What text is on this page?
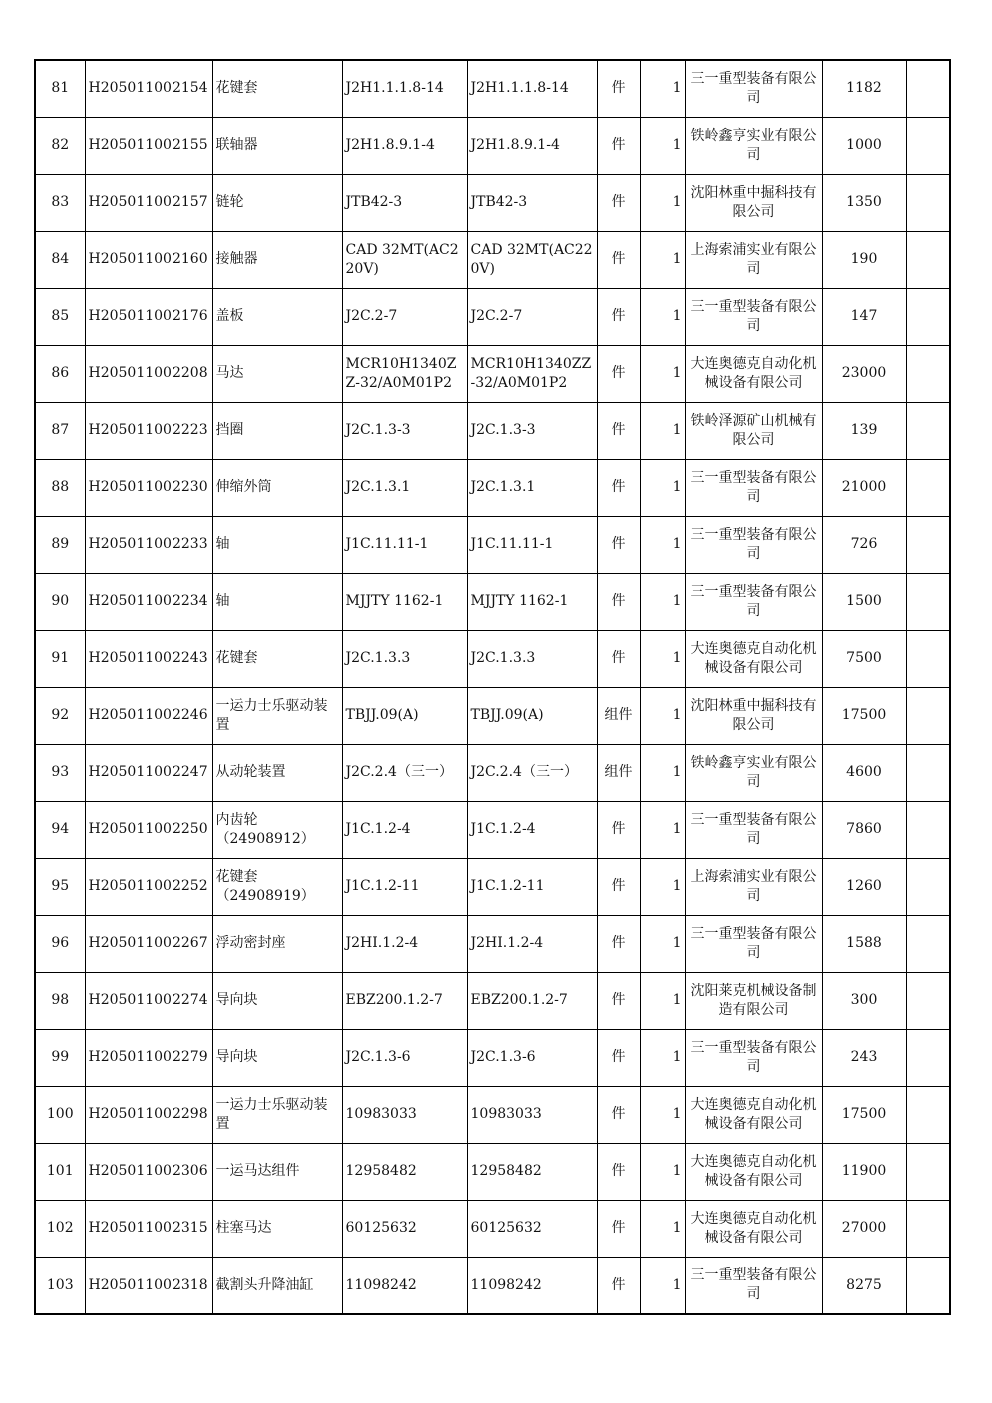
81	H205011002154	花键套	J2H1.1.1.8-14	J2H1.1.1.8-14	件	1	三一重型装备有限公司	1182	
82	H205011002155	联轴器	J2H1.8.9.1-4	J2H1.8.9.1-4	件	1	铁岭鑫亨实业有限公司	1000	
83	H205011002157	链轮	JTB42-3	JTB42-3	件	1	沈阳林重中掘科技有限公司	1350	
84	H205011002160	接触器	CAD 32MT(AC220V)	CAD 32MT(AC220V)	件	1	上海索浦实业有限公司	190	
85	H205011002176	盖板	J2C.2-7	J2C.2-7	件	1	三一重型装备有限公司	147	
86	H205011002208	马达	MCR10H1340ZZ-32/A0M01P2	MCR10H1340ZZ-32/A0M01P2	件	1	大连奥德克自动化机械设备有限公司	23000	
87	H205011002223	挡圈	J2C.1.3-3	J2C.1.3-3	件	1	铁岭泽源矿山机械有限公司	139	
88	H205011002230	伸缩外筒	J2C.1.3.1	J2C.1.3.1	件	1	三一重型装备有限公司	21000	
89	H205011002233	轴	J1C.11.11-1	J1C.11.11-1	件	1	三一重型装备有限公司	726	
90	H205011002234	轴	MJJTY 1162-1	MJJTY 1162-1	件	1	三一重型装备有限公司	1500	
91	H205011002243	花键套	J2C.1.3.3	J2C.1.3.3	件	1	大连奥德克自动化机械设备有限公司	7500	
92	H205011002246	一运力士乐驱动装置	TBJJ.09(A)	TBJJ.09(A)	组件	1	沈阳林重中掘科技有限公司	17500	
93	H205011002247	从动轮装置	J2C.2.4（三一）	J2C.2.4（三一）	组件	1	铁岭鑫亨实业有限公司	4600	
94	H205011002250	内齿轮（24908912）	J1C.1.2-4	J1C.1.2-4	件	1	三一重型装备有限公司	7860	
95	H205011002252	花键套（24908919）	J1C.1.2-11	J1C.1.2-11	件	1	上海索浦实业有限公司	1260	
96	H205011002267	浮动密封座	J2HI.1.2-4	J2HI.1.2-4	件	1	三一重型装备有限公司	1588	
98	H205011002274	导向块	EBZ200.1.2-7	EBZ200.1.2-7	件	1	沈阳莱克机械设备制造有限公司	300	
99	H205011002279	导向块	J2C.1.3-6	J2C.1.3-6	件	1	三一重型装备有限公司	243	
100	H205011002298	一运力士乐驱动装置	10983033	10983033	件	1	大连奥德克自动化机械设备有限公司	17500	
101	H205011002306	一运马达组件	12958482	12958482	件	1	大连奥德克自动化机械设备有限公司	11900	
102	H205011002315	柱塞马达	60125632	60125632	件	1	大连奥德克自动化机械设备有限公司	27000	
103	H205011002318	截割头升降油缸	11098242	11098242	件	1	三一重型装备有限公司	8275	
